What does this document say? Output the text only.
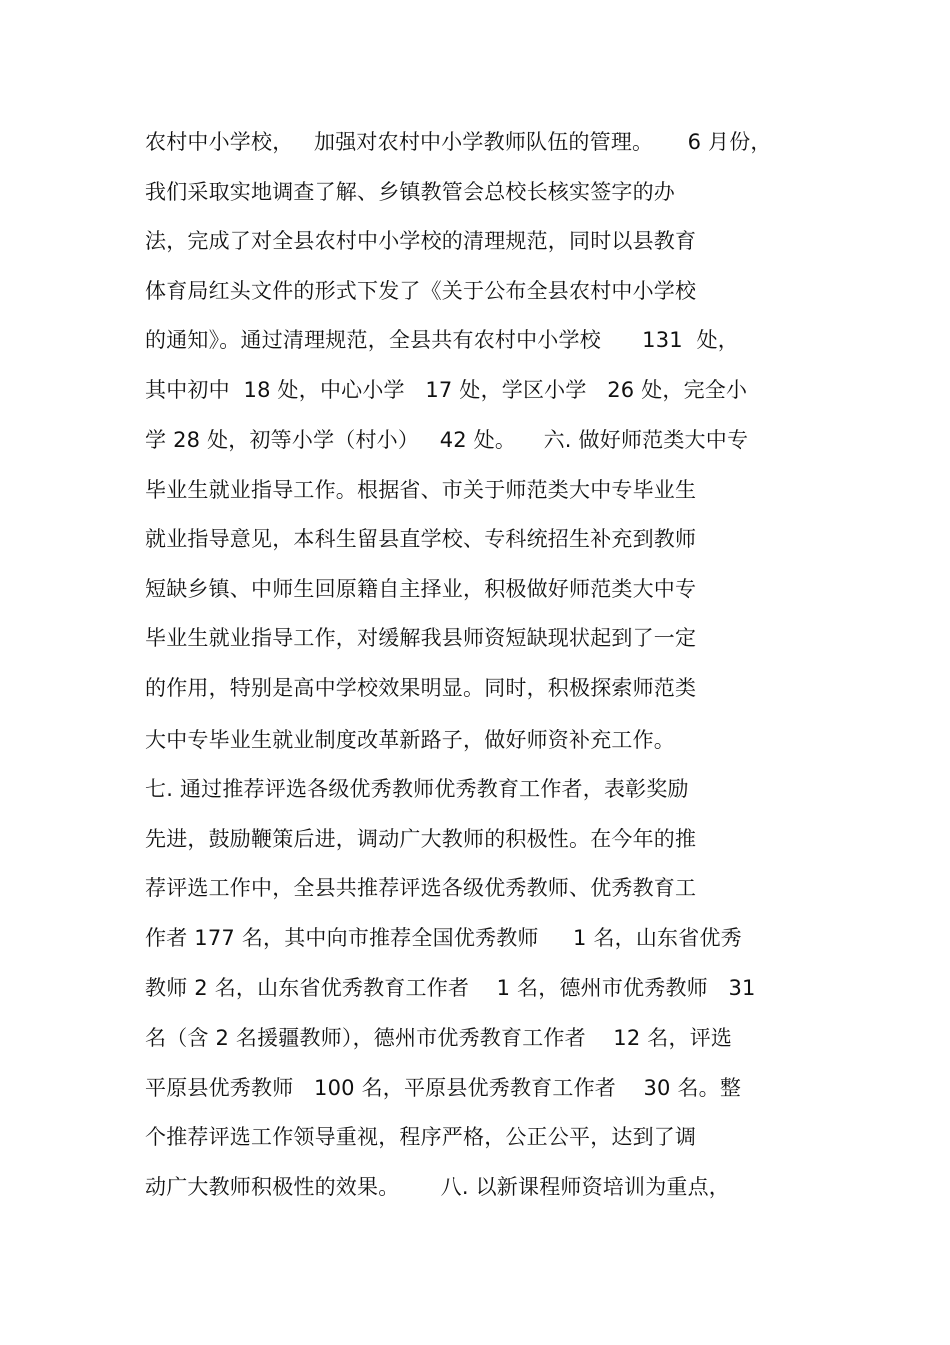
农村中小学校，   加强对农村中小学教师队伍的管理。     6 月份，
我们采取实地调查了解、乡镇教管会总校长核实签字的办
法，完成了对全县农村中小学校的清理规范，同时以县教育
体育局红头文件的形式下发了《关于公布全县农村中小学校
的通知》。通过清理规范，全县共有农村中小学校      131  处，
其中初中  18 处，中心小学   17 处，学区小学   26 处，完全小
学 28 处，初等小学（村小）   42 处。    六. 做好师范类大中专
毕业生就业指导工作。根据省、市关于师范类大中专毕业生
就业指导意见，本科生留县直学校、专科统招生补充到教师
短缺乡镇、中师生回原籍自主择业，积极做好师范类大中专
毕业生就业指导工作，对缓解我县师资短缺现状起到了一定
的作用，特别是高中学校效果明显。同时，积极探索师范类
大中专毕业生就业制度改革新路子，做好师资补充工作。
七. 通过推荐评选各级优秀教师优秀教育工作者，表彰奖励
先进，鼓励鞭策后进，调动广大教师的积极性。在今年的推
荐评选工作中，全县共推荐评选各级优秀教师、优秀教育工
作者 177 名，其中向市推荐全国优秀教师     1 名，山东省优秀
教师 2 名，山东省优秀教育工作者    1 名，德州市优秀教师   31
名（含 2 名援疆教师），德州市优秀教育工作者    12 名，评选
平原县优秀教师   100 名，平原县优秀教育工作者    30 名。整
个推荐评选工作领导重视，程序严格，公正公平，达到了调
动广大教师积极性的效果。      八. 以新课程师资培训为重点，
